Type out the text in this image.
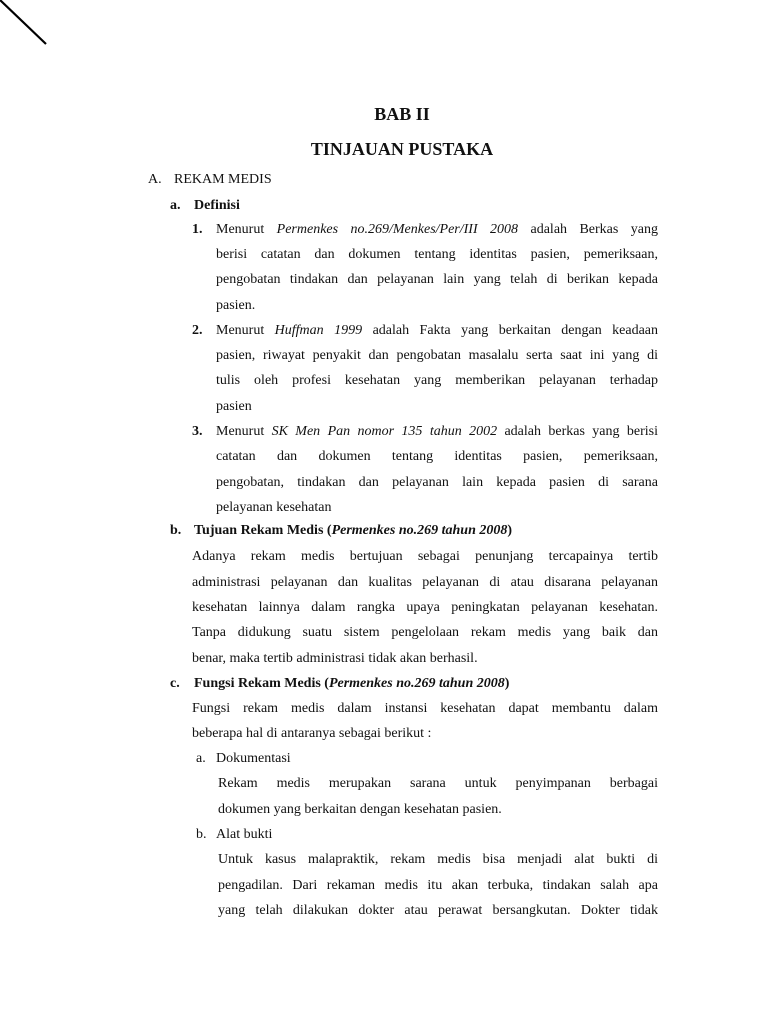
BAB II
TINJAUAN PUSTAKA
A. REKAM MEDIS
a. Definisi
1. Menurut Permenkes no.269/Menkes/Per/III 2008 adalah Berkas yang
berisi catatan dan dokumen tentang identitas pasien, pemeriksaan,
pengobatan tindakan dan pelayanan lain yang telah di berikan kepada
pasien.
2. Menurut Huffman 1999 adalah Fakta yang berkaitan dengan keadaan
pasien, riwayat penyakit dan pengobatan masalalu serta saat ini yang di
tulis oleh profesi kesehatan yang memberikan pelayanan terhadap
pasien
3. Menurut SK Men Pan nomor 135 tahun 2002 adalah berkas yang berisi
catatan dan dokumen tentang identitas pasien, pemeriksaan,
pengobatan, tindakan dan pelayanan lain kepada pasien di sarana
pelayanan kesehatan
b. Tujuan Rekam Medis (Permenkes no.269 tahun 2008)
Adanya rekam medis bertujuan sebagai penunjang tercapainya tertib
administrasi pelayanan dan kualitas pelayanan di atau disarana pelayanan
kesehatan lainnya dalam rangka upaya peningkatan pelayanan kesehatan.
Tanpa didukung suatu sistem pengelolaan rekam medis yang baik dan
benar, maka tertib administrasi tidak akan berhasil.
c. Fungsi Rekam Medis (Permenkes no.269 tahun 2008)
Fungsi rekam medis dalam instansi kesehatan dapat membantu dalam
beberapa hal di antaranya sebagai berikut :
a. Dokumentasi
Rekam medis merupakan sarana untuk penyimpanan berbagai
dokumen yang berkaitan dengan kesehatan pasien.
b. Alat bukti
Untuk kasus malapraktik, rekam medis bisa menjadi alat bukti di
pengadilan. Dari rekaman medis itu akan terbuka, tindakan salah apa
yang telah dilakukan dokter atau perawat bersangkutan. Dokter tidak
